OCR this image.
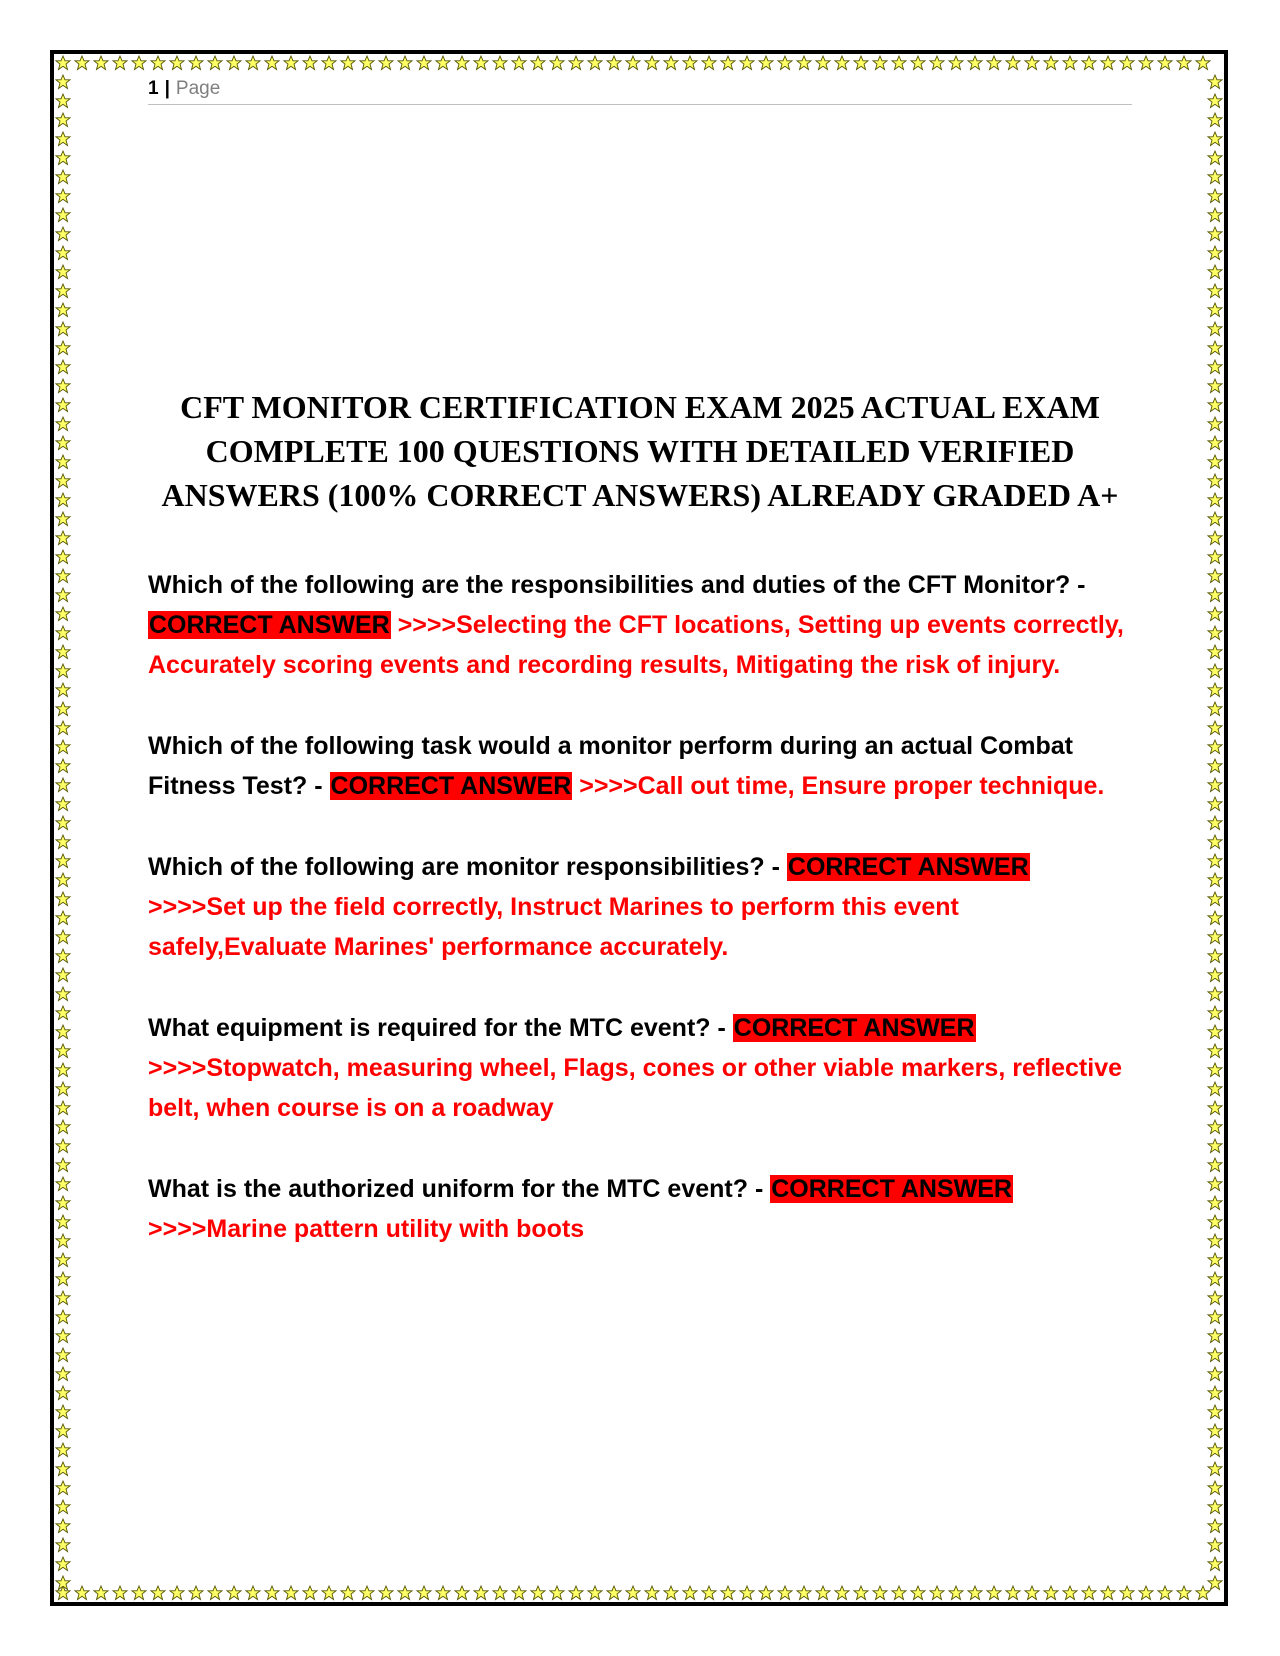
1 | Page
CFT MONITOR CERTIFICATION EXAM 2025 ACTUAL EXAM COMPLETE 100 QUESTIONS WITH DETAILED VERIFIED ANSWERS (100% CORRECT ANSWERS) ALREADY GRADED A+
Which of the following are the responsibilities and duties of the CFT Monitor? - CORRECT ANSWER >>>>Selecting the CFT locations, Setting up events correctly, Accurately scoring events and recording results, Mitigating the risk of injury.
Which of the following task would a monitor perform during an actual Combat Fitness Test? - CORRECT ANSWER >>>>Call out time, Ensure proper technique.
Which of the following are monitor responsibilities? - CORRECT ANSWER >>>>Set up the field correctly, Instruct Marines to perform this event safely,Evaluate Marines' performance accurately.
What equipment is required for the MTC event? - CORRECT ANSWER >>>>Stopwatch, measuring wheel, Flags, cones or other viable markers, reflective belt, when course is on a roadway
What is the authorized uniform for the MTC event? - CORRECT ANSWER >>>>Marine pattern utility with boots
